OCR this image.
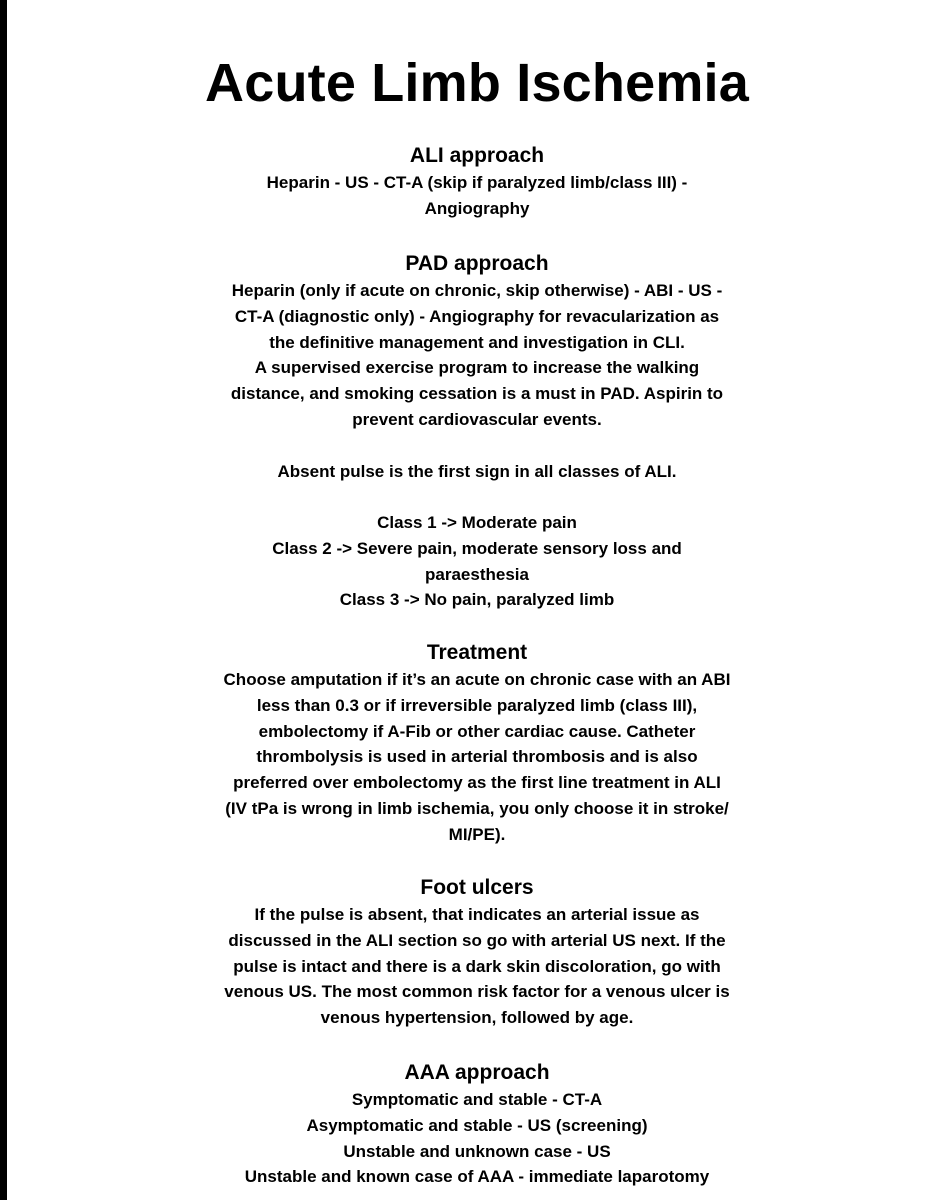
Acute Limb Ischemia
ALI approach

Heparin - US - CT-A (skip if paralyzed limb/class III) -

Angiography

PAD approach

Heparin (only if acute on chronic, skip otherwise) - ABI - US -

CT-A (diagnostic only) - Angiography for revacularization as

the definitive management and investigation in CLI.

A supervised exercise program to increase the walking

distance, and smoking cessation is a must in PAD. Aspirin to

prevent cardiovascular events.

Absent pulse is the first sign in all classes of ALI.

Class 1 -> Moderate pain

Class 2 -> Severe pain, moderate sensory loss and

paraesthesia

Class 3 -> No pain, paralyzed limb

Treatment

Choose amputation if it’s an acute on chronic case with an ABI

less than 0.3 or if irreversible paralyzed limb (class III),

embolectomy if A-Fib or other cardiac cause. Catheter

thrombolysis is used in arterial thrombosis and is also

preferred over embolectomy as the first line treatment in ALI

(IV tPa is wrong in limb ischemia, you only choose it in stroke/

MI/PE).

Foot ulcers

If the pulse is absent, that indicates an arterial issue as

discussed in the ALI section so go with arterial US next. If the

pulse is intact and there is a dark skin discoloration, go with

venous US. The most common risk factor for a venous ulcer is

venous hypertension, followed by age.

AAA approach

Symptomatic and stable - CT-A

Asymptomatic and stable - US (screening)

Unstable and unknown case - US

Unstable and known case of AAA - immediate laparotomy
